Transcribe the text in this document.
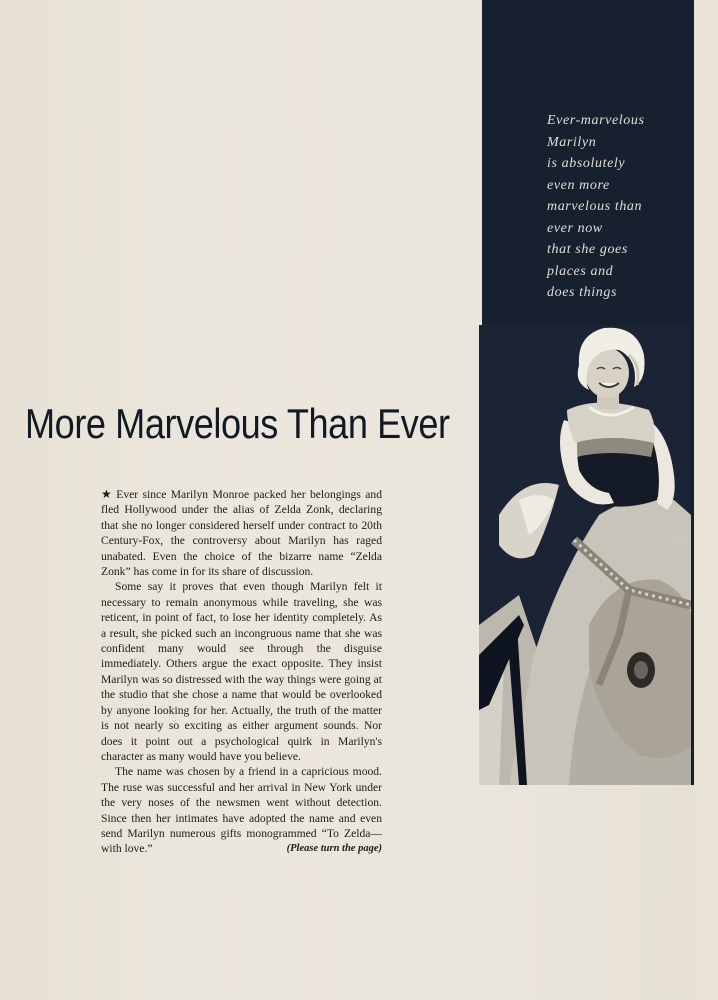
Ever-marvelous
Marilyn
is absolutely
even more
marvelous than
ever now
that she goes
places and
does things
More Marvelous Than Ever

★ Ever since Marilyn Monroe packed her belongings and fled Hollywood under the alias of Zelda Zonk, declaring that she no longer considered herself under contract to 20th Century-Fox, the controversy about Marilyn has raged unabated. Even the choice of the bizarre name “Zelda Zonk” has come in for its share of discussion.

Some say it proves that even though Marilyn felt it necessary to remain anonymous while traveling, she was reticent, in point of fact, to lose her identity completely. As a result, she picked such an incongruous name that she was confident many would see through the disguise immediately. Others argue the exact opposite. They insist Marilyn was so distressed with the way things were going at the studio that she chose a name that would be overlooked by anyone looking for her. Actually, the truth of the matter is not nearly so exciting as either argument sounds. Nor does it point out a psychological quirk in Marilyn's character as many would have you believe.

The name was chosen by a friend in a capricious mood. The ruse was successful and her arrival in New York under the very noses of the newsmen went without detection. Since then her intimates have adopted the name and even send Marilyn numerous gifts monogrammed “To Zelda—with love.”	(Please turn the page)
